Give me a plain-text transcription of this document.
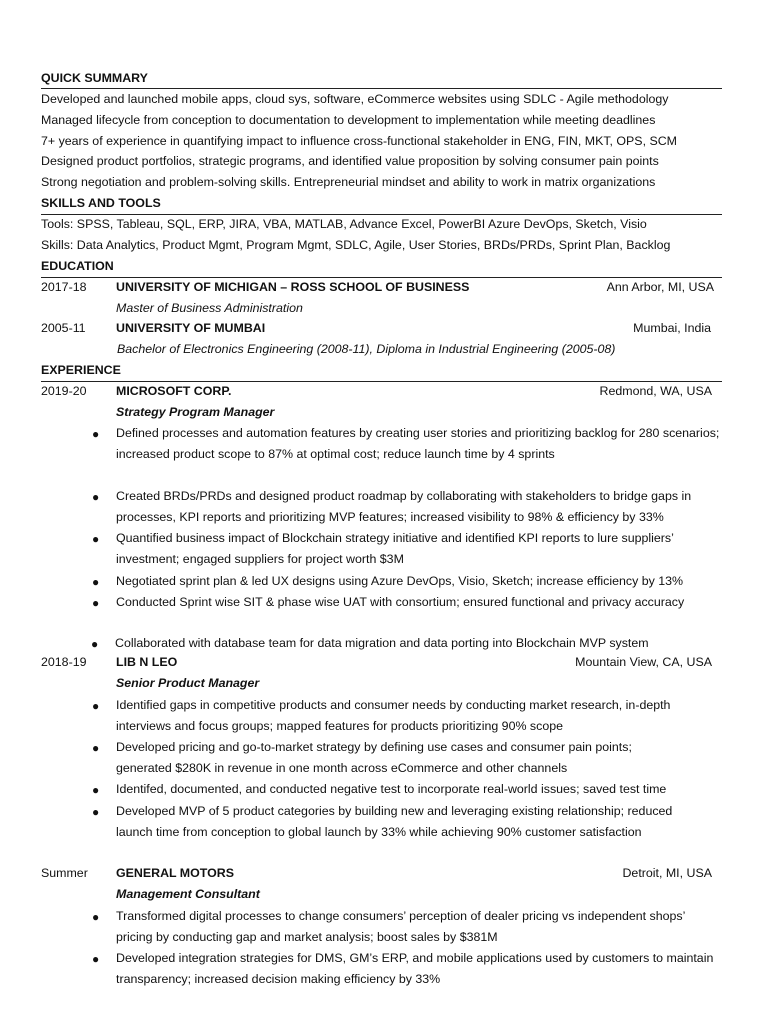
QUICK SUMMARY
Developed and launched mobile apps, cloud sys, software, eCommerce websites using SDLC - Agile methodology
Managed lifecycle from conception to documentation to development to implementation while meeting deadlines
7+ years of experience in quantifying impact to influence cross-functional stakeholder in ENG, FIN, MKT, OPS, SCM
Designed product portfolios, strategic programs, and identified value proposition by solving consumer pain points
Strong negotiation and problem-solving skills. Entrepreneurial mindset and ability to work in matrix organizations
SKILLS AND TOOLS
Tools: SPSS, Tableau, SQL, ERP, JIRA, VBA, MATLAB, Advance Excel, PowerBI Azure DevOps, Sketch, Visio
Skills: Data Analytics, Product Mgmt, Program Mgmt, SDLC, Agile, User Stories, BRDs/PRDs, Sprint Plan, Backlog
EDUCATION
2017-18 UNIVERSITY OF MICHIGAN – ROSS SCHOOL OF BUSINESS	Ann Arbor, MI, USA
Master of Business Administration
2005-11 UNIVERSITY OF MUMBAI	Mumbai, India
Bachelor of Electronics Engineering (2008-11), Diploma in Industrial Engineering (2005-08)
EXPERIENCE
2019-20 MICROSOFT CORP.	Redmond, WA, USA
Strategy Program Manager
● Defined processes and automation features by creating user stories and prioritizing backlog for 280 scenarios; increased product scope to 87% at optimal cost; reduce launch time by 4 sprints
● Created BRDs/PRDs and designed product roadmap by collaborating with stakeholders to bridge gaps in processes, KPI reports and prioritizing MVP features; increased visibility to 98% & efficiency by 33%
● Quantified business impact of Blockchain strategy initiative and identified KPI reports to lure suppliers’ investment; engaged suppliers for project worth $3M
● Negotiated sprint plan & led UX designs using Azure DevOps, Visio, Sketch; increase efficiency by 13%
● Conducted Sprint wise SIT & phase wise UAT with consortium; ensured functional and privacy accuracy
● Collaborated with database team for data migration and data porting into Blockchain MVP system
2018-19 LIB N LEO	Mountain View, CA, USA
Senior Product Manager
● Identified gaps in competitive products and consumer needs by conducting market research, in-depth interviews and focus groups; mapped features for products prioritizing 90% scope
● Developed pricing and go-to-market strategy by defining use cases and consumer pain points; generated $280K in revenue in one month across eCommerce and other channels
● Identifed, documented, and conducted negative test to incorporate real-world issues; saved test time
● Developed MVP of 5 product categories by building new and leveraging existing relationship; reduced launch time from conception to global launch by 33% while achieving 90% customer satisfaction
Summer GENERAL MOTORS	Detroit, MI, USA
Management Consultant
● Transformed digital processes to change consumers’ perception of dealer pricing vs independent shops’ pricing by conducting gap and market analysis; boost sales by $381M
● Developed integration strategies for DMS, GM’s ERP, and mobile applications used by customers to maintain transparency; increased decision making efficiency by 33%
